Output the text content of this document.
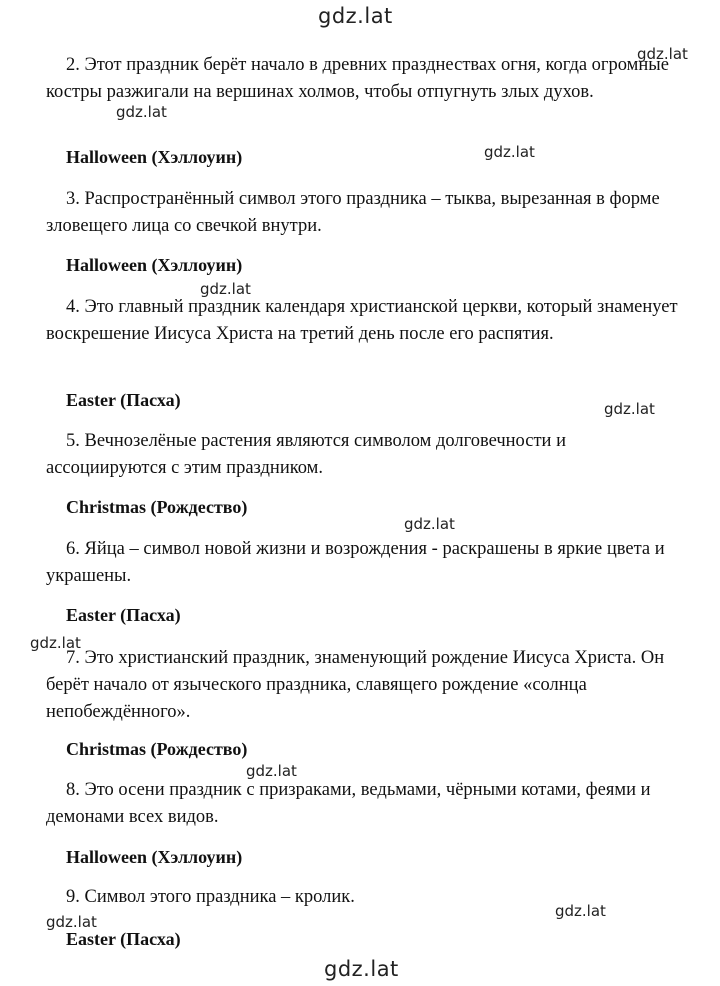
gdz.lat
gdz.lat
gdz.lat
gdz.lat
gdz.lat
gdz.lat
gdz.lat
gdz.lat
gdz.lat
gdz.lat
gdz.lat
gdz.lat

2. Этот праздник берёт начало в древних празднествах огня, когда огромные костры разжигали на вершинах холмов, чтобы отпугнуть злых духов.

Halloween (Хэллоуин)

3. Распространённый символ этого праздника – тыква, вырезанная в форме зловещего лица со свечкой внутри.

Halloween (Хэллоуин)

4. Это главный праздник календаря христианской церкви, который знаменует воскрешение Иисуса Христа на третий день после его распятия.

Easter (Пасха)

5. Вечнозелёные растения являются символом долговечности и ассоциируются с этим праздником.

Christmas (Рождество)

6. Яйца – символ новой жизни и возрождения - раскрашены в яркие цвета и украшены.

Easter (Пасха)

7. Это христианский праздник, знаменующий рождение Иисуса Христа. Он берёт начало от языческого праздника, славящего рождение «солнца непобеждённого».

Christmas (Рождество)

8. Это осени праздник с призраками, ведьмами, чёрными котами, феями и демонами всех видов.

Halloween (Хэллоуин)

9. Символ этого праздника – кролик.

Easter (Пасха)
